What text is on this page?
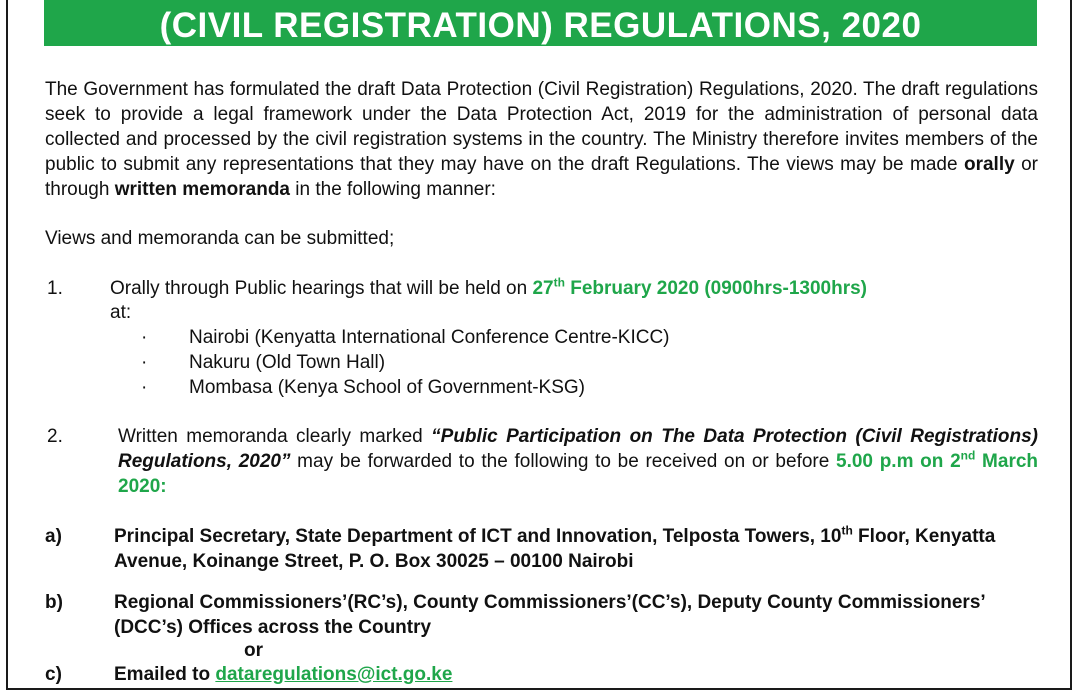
(CIVIL REGISTRATION) REGULATIONS, 2020
The Government has formulated the draft Data Protection (Civil Registration) Regulations, 2020. The draft regulations seek to provide a legal framework under the Data Protection Act, 2019 for the administration of personal data collected and processed by the civil registration systems in the country. The Ministry therefore invites members of the public to submit any representations that they may have on the draft Regulations. The views may be made orally or through written memoranda in the following manner:
Views and memoranda can be submitted;
1. Orally through Public hearings that will be held on 27th February 2020 (0900hrs-1300hrs)
at:
· Nairobi (Kenyatta International Conference Centre-KICC)
· Nakuru (Old Town Hall)
· Mombasa (Kenya School of Government-KSG)
2.	Written memoranda clearly marked “Public Participation on The Data Protection (Civil Registrations) Regulations, 2020” may be forwarded to the following to be received on or before 5.00 p.m on 2nd March 2020:
a)	Principal Secretary, State Department of ICT and Innovation, Telposta Towers, 10th Floor, Kenyatta Avenue, Koinange Street, P. O. Box 30025 – 00100 Nairobi
b)	Regional Commissioners’(RC’s), County Commissioners’(CC’s), Deputy County Commissioners’ (DCC’s) Offices across the Country
or
c)	Emailed to dataregulations@ict.go.ke
